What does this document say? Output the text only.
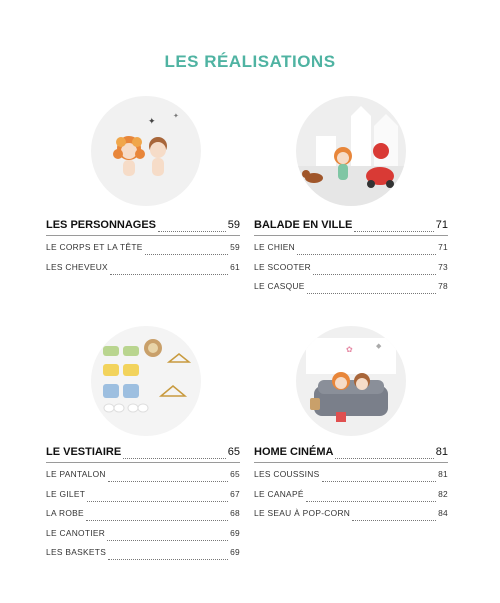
LES RÉALISATIONS
✦
✦
✿	◆
LES PERSONNAGES	59
LE CORPS ET LA TÊTE	59
LES CHEVEUX	61
BALADE EN VILLE	71
LE CHIEN	71
LE SCOOTER	73
LE CASQUE	78
LE VESTIAIRE	65
LE PANTALON	65
LE GILET	67
LA ROBE	68
LE CANOTIER	69
LES BASKETS	69
HOME CINÉMA	81
LES COUSSINS	81
LE CANAPÉ	82
LE SEAU À POP-CORN	84
